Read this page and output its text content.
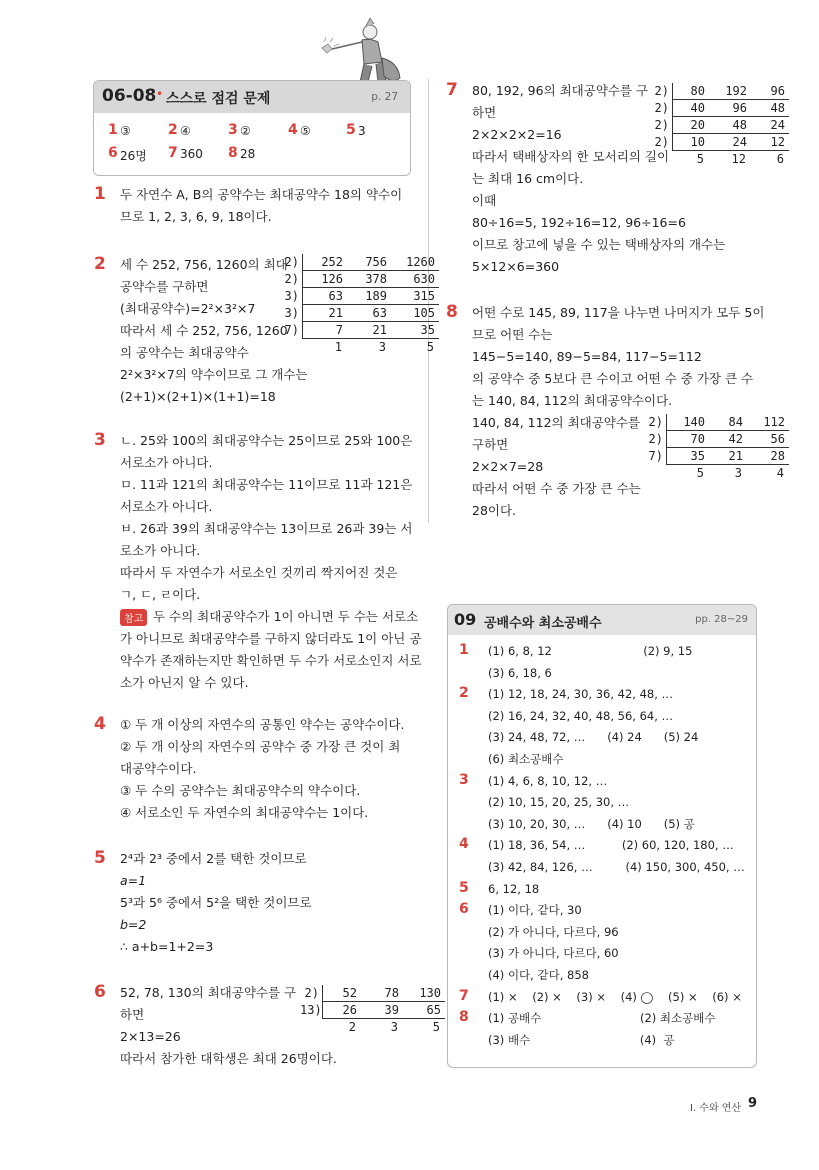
06-08 • 스스로 점검 문제	p. 27
1 ③	2 ④	3 ②	4 ⑤	5 3
6 26명 7 360 8 28
1 두 자연수 A, B의 공약수는 최대공약수 18의 약수이
므로 1, 2, 3, 6, 9, 18이다.
2 세 수 252, 756, 1260의 최대
공약수를 구하면
(최대공약수)=2²×3²×7
따라서 세 수 252, 756, 1260
의 공약수는 최대공약수
2²×3²×7의 약수이므로 그 개수는
(2+1)×(2+1)×(1+1)=18
2)	252	756	1260
2)	126	378	630
3)	63	189	315
3)	21	63	105
7)	7	21	35
1	3	5
3 ㄴ. 25와 100의 최대공약수는 25이므로 25와 100은
서로소가 아니다.
ㅁ. 11과 121의 최대공약수는 11이므로 11과 121은
서로소가 아니다.
ㅂ. 26과 39의 최대공약수는 13이므로 26과 39는 서
로소가 아니다.
따라서 두 자연수가 서로소인 것끼리 짝지어진 것은
ㄱ, ㄷ, ㄹ이다.
참고 두 수의 최대공약수가 1이 아니면 두 수는 서로소
가 아니므로 최대공약수를 구하지 않더라도 1이 아닌 공
약수가 존재하는지만 확인하면 두 수가 서로소인지 서로
소가 아닌지 알 수 있다.
4 ① 두 개 이상의 자연수의 공통인 약수는 공약수이다.
② 두 개 이상의 자연수의 공약수 중 가장 큰 것이 최
대공약수이다.
③ 두 수의 공약수는 최대공약수의 약수이다.
④ 서로소인 두 자연수의 최대공약수는 1이다.
5 2⁴과 2³ 중에서 2를 택한 것이므로
a=1
5³과 5⁶ 중에서 5²을 택한 것이므로
b=2
∴ a+b=1+2=3
6 52, 78, 130의 최대공약수를 구
하면
2×13=26
따라서 참가한 대학생은 최대 26명이다.
2)	52	78	130
13)	26	39	65
2	3	5
7 80, 192, 96의 최대공약수를 구
하면
2×2×2×2=16
따라서 택배상자의 한 모서리의 길이
는 최대 16 cm이다.
이때
80÷16=5, 192÷16=12, 96÷16=6
이므로 창고에 넣을 수 있는 택배상자의 개수는
5×12×6=360
2)	80	192	96
2)	40	96	48
2)	20	48	24
2)	10	24	12
5	12	6
8 어떤 수로 145, 89, 117을 나누면 나머지가 모두 5이
므로 어떤 수는
145−5=140, 89−5=84, 117−5=112
의 공약수 중 5보다 큰 수이고 어떤 수 중 가장 큰 수
는 140, 84, 112의 최대공약수이다.
140, 84, 112의 최대공약수를
구하면
2×2×7=28
따라서 어떤 수 중 가장 큰 수는
28이다.
2)	140	84	112
2)	70	42	56
7)	35	21	28
5	3	4
09 공배수와 최소공배수	pp. 28~29
1 (1) 6, 8, 12                         (2) 9, 15
(3) 6, 18, 6
2 (1) 12, 18, 24, 30, 36, 42, 48, …
(2) 16, 24, 32, 40, 48, 56, 64, …
(3) 24, 48, 72, …      (4) 24      (5) 24
(6) 최소공배수
3 (1) 4, 6, 8, 10, 12, …
(2) 10, 15, 20, 25, 30, …
(3) 10, 20, 30, …      (4) 10      (5) 공
4 (1) 18, 36, 54, …          (2) 60, 120, 180, …
(3) 42, 84, 126, …         (4) 150, 300, 450, …
5 6, 12, 18
6 (1) 이다, 같다, 30
(2) 가 아니다, 다르다, 96
(3) 가 아니다, 다르다, 60
(4) 이다, 같다, 858
7 (1) ×    (2) ×    (3) ×    (4) ◯    (5) ×    (6) ×
8 (1) 공배수                           (2) 최소공배수
(3) 배수                              (4)  공
Ⅰ. 수와 연산 9
